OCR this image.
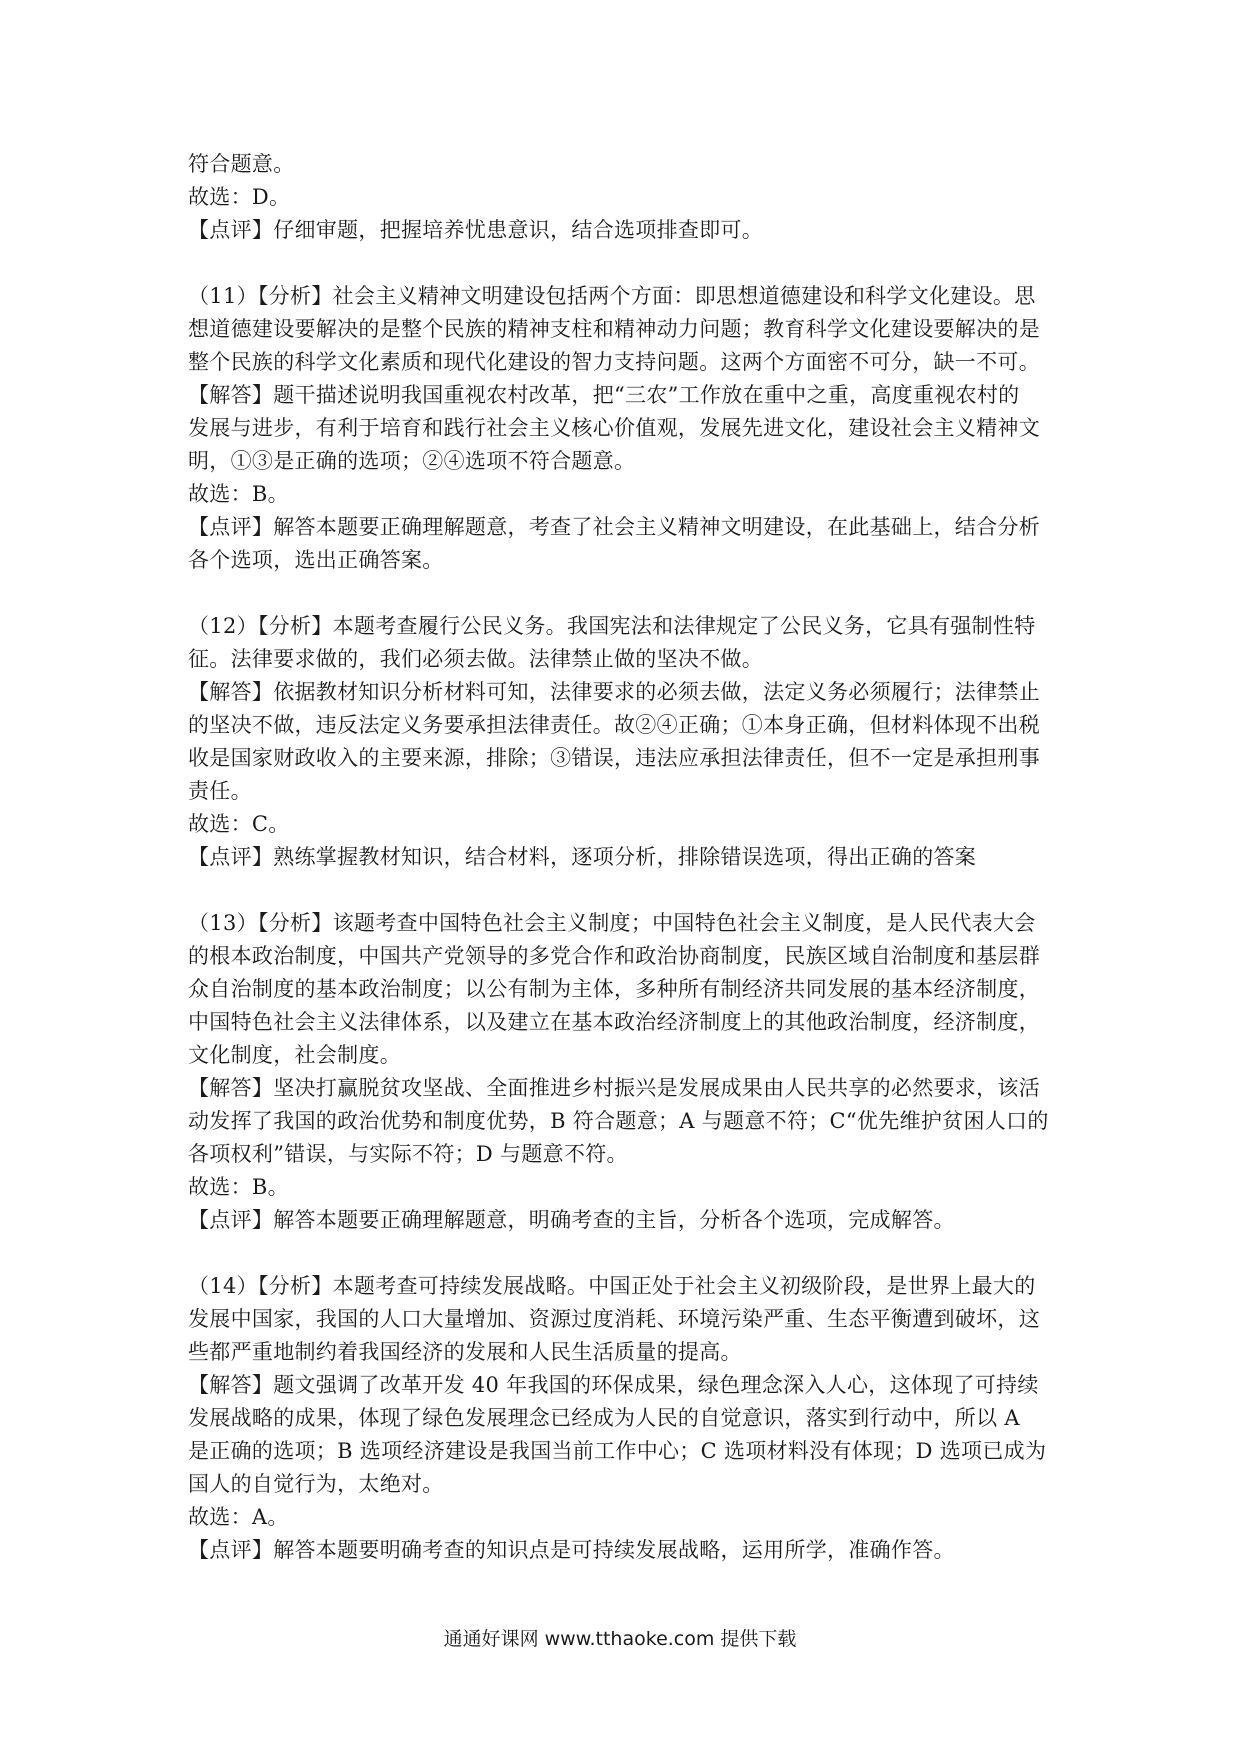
符合题意。
故选：D。
【点评】仔细审题，把握培养忧患意识，结合选项排查即可。
（11）【分析】社会主义精神文明建设包括两个方面：即思想道德建设和科学文化建设。思
想道德建设要解决的是整个民族的精神支柱和精神动力问题；教育科学文化建设要解决的是
整个民族的科学文化素质和现代化建设的智力支持问题。这两个方面密不可分，缺一不可。
【解答】题干描述说明我国重视农村改革，把“三农”工作放在重中之重，高度重视农村的
发展与进步，有利于培育和践行社会主义核心价值观，发展先进文化，建设社会主义精神文
明，①③是正确的选项；②④选项不符合题意。
故选：B。
【点评】解答本题要正确理解题意，考查了社会主义精神文明建设，在此基础上，结合分析
各个选项，选出正确答案。
（12）【分析】本题考查履行公民义务。我国宪法和法律规定了公民义务，它具有强制性特
征。法律要求做的，我们必须去做。法律禁止做的坚决不做。
【解答】依据教材知识分析材料可知，法律要求的必须去做，法定义务必须履行；法律禁止
的坚决不做，违反法定义务要承担法律责任。故②④正确；①本身正确，但材料体现不出税
收是国家财政收入的主要来源，排除；③错误，违法应承担法律责任，但不一定是承担刑事
责任。
故选：C。
【点评】熟练掌握教材知识，结合材料，逐项分析，排除错误选项，得出正确的答案
（13）【分析】该题考查中国特色社会主义制度；中国特色社会主义制度，是人民代表大会
的根本政治制度，中国共产党领导的多党合作和政治协商制度，民族区域自治制度和基层群
众自治制度的基本政治制度；以公有制为主体，多种所有制经济共同发展的基本经济制度，
中国特色社会主义法律体系，以及建立在基本政治经济制度上的其他政治制度，经济制度，
文化制度，社会制度。
【解答】坚决打赢脱贫攻坚战、全面推进乡村振兴是发展成果由人民共享的必然要求，该活
动发挥了我国的政治优势和制度优势，B 符合题意；A 与题意不符；C“优先维护贫困人口的
各项权利”错误，与实际不符；D 与题意不符。
故选：B。
【点评】解答本题要正确理解题意，明确考查的主旨，分析各个选项，完成解答。
（14）【分析】本题考查可持续发展战略。中国正处于社会主义初级阶段，是世界上最大的
发展中国家，我国的人口大量增加、资源过度消耗、环境污染严重、生态平衡遭到破坏，这
些都严重地制约着我国经济的发展和人民生活质量的提高。
【解答】题文强调了改革开发 40 年我国的环保成果，绿色理念深入人心，这体现了可持续
发展战略的成果，体现了绿色发展理念已经成为人民的自觉意识，落实到行动中，所以 A
是正确的选项；B 选项经济建设是我国当前工作中心；C 选项材料没有体现；D 选项已成为
国人的自觉行为，太绝对。
故选：A。
【点评】解答本题要明确考查的知识点是可持续发展战略，运用所学，准确作答。
通通好课网 www.tthaoke.com 提供下载
